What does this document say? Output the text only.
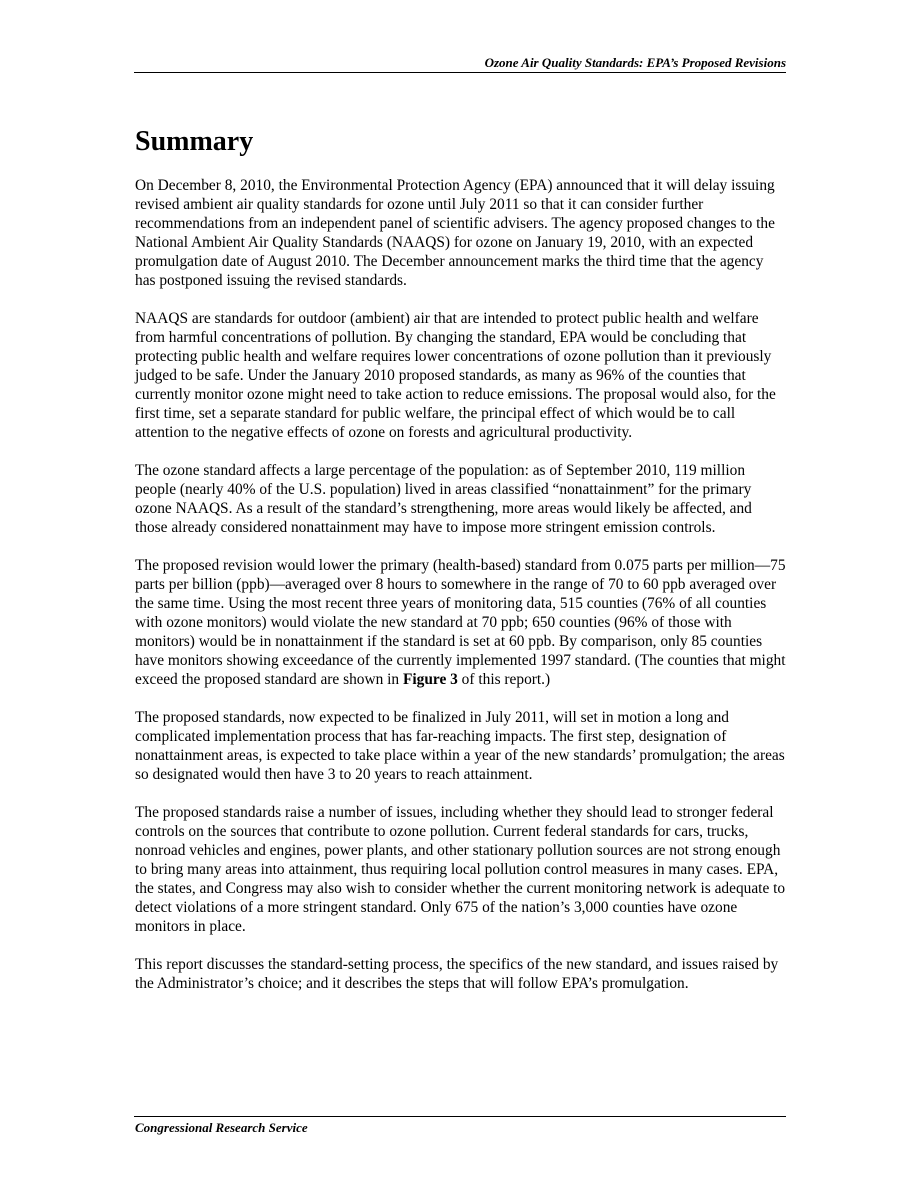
Ozone Air Quality Standards: EPA’s Proposed Revisions
Summary

On December 8, 2010, the Environmental Protection Agency (EPA) announced that it will delay issuing revised ambient air quality standards for ozone until July 2011 so that it can consider further recommendations from an independent panel of scientific advisers. The agency proposed changes to the National Ambient Air Quality Standards (NAAQS) for ozone on January 19, 2010, with an expected promulgation date of August 2010. The December announcement marks the third time that the agency has postponed issuing the revised standards.

NAAQS are standards for outdoor (ambient) air that are intended to protect public health and welfare from harmful concentrations of pollution. By changing the standard, EPA would be concluding that protecting public health and welfare requires lower concentrations of ozone pollution than it previously judged to be safe. Under the January 2010 proposed standards, as many as 96% of the counties that currently monitor ozone might need to take action to reduce emissions. The proposal would also, for the first time, set a separate standard for public welfare, the principal effect of which would be to call attention to the negative effects of ozone on forests and agricultural productivity.

The ozone standard affects a large percentage of the population: as of September 2010, 119 million people (nearly 40% of the U.S. population) lived in areas classified “nonattainment” for the primary ozone NAAQS. As a result of the standard’s strengthening, more areas would likely be affected, and those already considered nonattainment may have to impose more stringent emission controls.

The proposed revision would lower the primary (health-based) standard from 0.075 parts per million—75 parts per billion (ppb)—averaged over 8 hours to somewhere in the range of 70 to 60 ppb averaged over the same time. Using the most recent three years of monitoring data, 515 counties (76% of all counties with ozone monitors) would violate the new standard at 70 ppb; 650 counties (96% of those with monitors) would be in nonattainment if the standard is set at 60 ppb. By comparison, only 85 counties have monitors showing exceedance of the currently implemented 1997 standard. (The counties that might exceed the proposed standard are shown in Figure 3 of this report.)

The proposed standards, now expected to be finalized in July 2011, will set in motion a long and complicated implementation process that has far-reaching impacts. The first step, designation of nonattainment areas, is expected to take place within a year of the new standards’ promulgation; the areas so designated would then have 3 to 20 years to reach attainment.

The proposed standards raise a number of issues, including whether they should lead to stronger federal controls on the sources that contribute to ozone pollution. Current federal standards for cars, trucks, nonroad vehicles and engines, power plants, and other stationary pollution sources are not strong enough to bring many areas into attainment, thus requiring local pollution control measures in many cases. EPA, the states, and Congress may also wish to consider whether the current monitoring network is adequate to detect violations of a more stringent standard. Only 675 of the nation’s 3,000 counties have ozone monitors in place.

This report discusses the standard-setting process, the specifics of the new standard, and issues raised by the Administrator’s choice; and it describes the steps that will follow EPA’s promulgation.

Congressional Research Service
